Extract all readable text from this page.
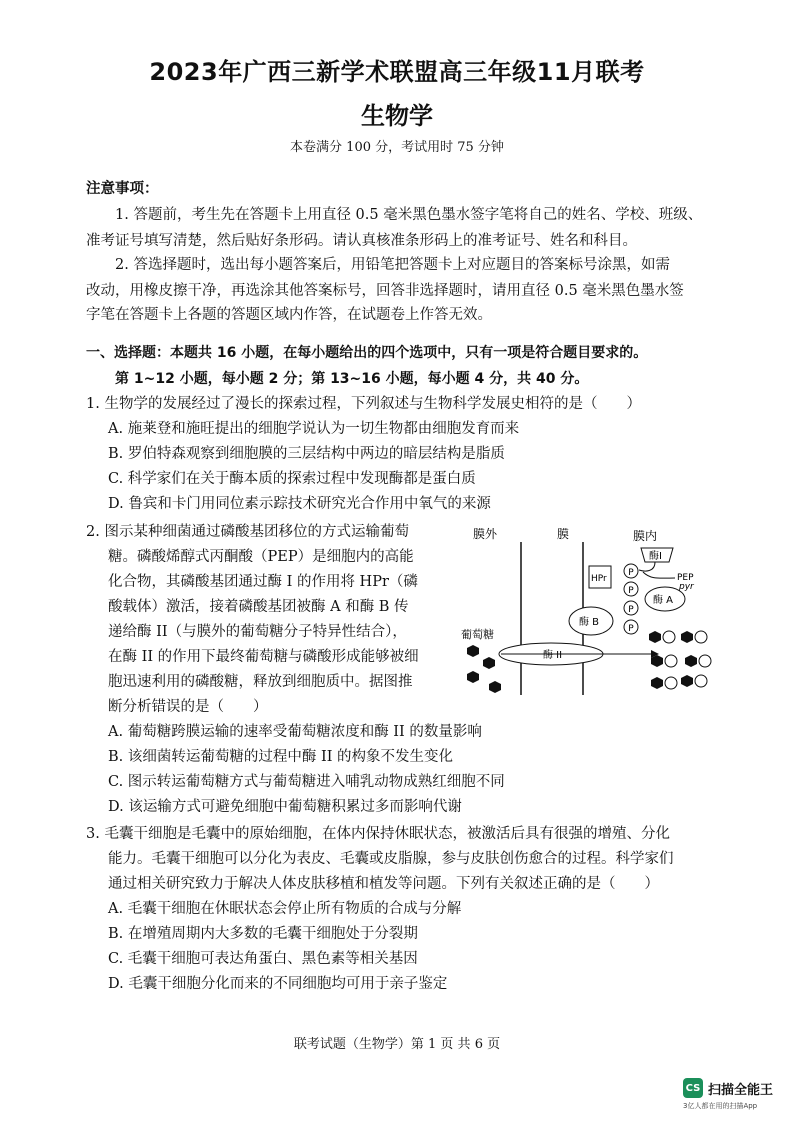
2023年广西三新学术联盟高三年级11月联考
生物学
本卷满分 100 分，考试用时 75 分钟
注意事项：
1. 答题前，考生先在答题卡上用直径 0.5 毫米黑色墨水签字笔将自己的姓名、学校、班级、
准考证号填写清楚，然后贴好条形码。请认真核准条形码上的准考证号、姓名和科目。
2. 答选择题时，选出每小题答案后，用铅笔把答题卡上对应题目的答案标号涂黑，如需
改动，用橡皮擦干净，再选涂其他答案标号，回答非选择题时，请用直径 0.5 毫米黑色墨水签
字笔在答题卡上各题的答题区域内作答，在试题卷上作答无效。
一、选择题：本题共 16 小题，在每小题给出的四个选项中，只有一项是符合题目要求的。
第 1~12 小题，每小题 2 分；第 13~16 小题，每小题 4 分，共 40 分。
1. 生物学的发展经过了漫长的探索过程，下列叙述与生物科学发展史相符的是（　　）
A. 施莱登和施旺提出的细胞学说认为一切生物都由细胞发育而来
B. 罗伯特森观察到细胞膜的三层结构中两边的暗层结构是脂质
C. 科学家们在关于酶本质的探索过程中发现酶都是蛋白质
D. 鲁宾和卡门用同位素示踪技术研究光合作用中氧气的来源
2. 图示某种细菌通过磷酸基团移位的方式运输葡萄
糖。磷酸烯醇式丙酮酸（PEP）是细胞内的高能
化合物，其磷酸基团通过酶 I 的作用将 HPr（磷
酸载体）激活，接着磷酸基团被酶 A 和酶 B 传
递给酶 II（与膜外的葡萄糖分子特异性结合），
在酶 II 的作用下最终葡萄糖与磷酸形成能够被细
胞迅速利用的磷酸糖，释放到细胞质中。据图推
断分析错误的是（　　）
膜外	膜	膜内
酶I
PEP
pyr
HPr
P
P
酶 A
P
酶 B
P
葡萄糖
酶 II
A. 葡萄糖跨膜运输的速率受葡萄糖浓度和酶 II 的数量影响
B. 该细菌转运葡萄糖的过程中酶 II 的构象不发生变化
C. 图示转运葡萄糖方式与葡萄糖进入哺乳动物成熟红细胞不同
D. 该运输方式可避免细胞中葡萄糖积累过多而影响代谢
3. 毛囊干细胞是毛囊中的原始细胞，在体内保持休眠状态，被激活后具有很强的增殖、分化
能力。毛囊干细胞可以分化为表皮、毛囊或皮脂腺，参与皮肤创伤愈合的过程。科学家们
通过相关研究致力于解决人体皮肤移植和植发等问题。下列有关叙述正确的是（　　）
A. 毛囊干细胞在休眠状态会停止所有物质的合成与分解
B. 在增殖周期内大多数的毛囊干细胞处于分裂期
C. 毛囊干细胞可表达角蛋白、黑色素等相关基因
D. 毛囊干细胞分化而来的不同细胞均可用于亲子鉴定
联考试题（生物学）第 1 页 共 6 页
CS 扫描全能王
3亿人都在用的扫描App
